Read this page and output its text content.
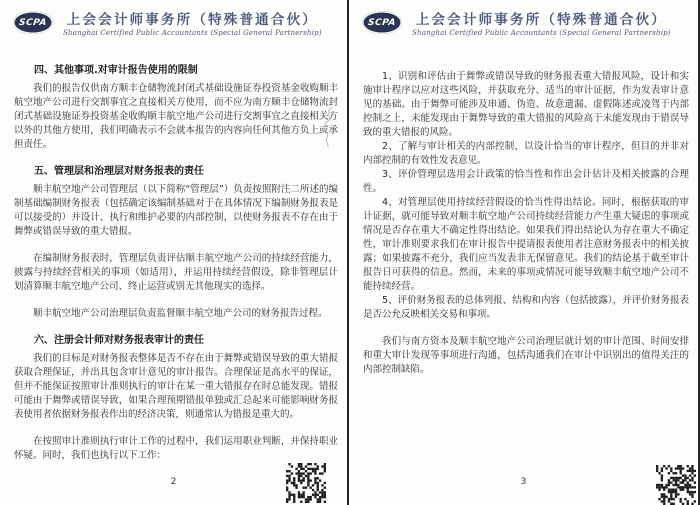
SCPA 上会会计师事务所（特殊普通合伙）
Shanghai Certified Public Accountants (Special General Partnership)

四、其他事项.对审计报告使用的限制

我们的报告仅供南方顺丰仓储物流封闭式基础设施证券投资基金收购顺丰航空地产公司进行交割事宜之直接相关方使用，而不应为南方顺丰仓储物流封闭式基础设施证券投资基金收购顺丰航空地产公司进行交割事宜之直接相关方以外的其他方使用，我们明确表示不会就本报告的内容向任何其他方负上或承担责任。

五、管理层和治理层对财务报表的责任

顺丰航空地产公司管理层（以下简称“管理层”）负责按照附注二所述的编制基础编制财务报表（包括确定该编制基础对于在具体情况下编制财务报表是可以接受的）并设计、执行和维护必要的内部控制，以使财务报表不存在由于舞弊或错误导致的重大错报。

在编制财务报表时，管理层负责评估顺丰航空地产公司的持续经营能力，披露与持续经营相关的事项（如适用），并运用持续经营假设，除非管理层计划清算顺丰航空地产公司、终止运营或别无其他现实的选择。

顺丰航空地产公司治理层负责监督顺丰航空地产公司的财务报告过程。

六、注册会计师对财务报表审计的责任

我们的目标是对财务报表整体是否不存在由于舞弊或错误导致的重大错报获取合理保证，并出具包含审计意见的审计报告。合理保证是高水平的保证，但并不能保证按照审计准则执行的审计在某一重大错报存在时总能发现。错报可能由于舞弊或错误导致，如果合理预期错报单独或汇总起来可能影响财务报表使用者依据财务报表作出的经济决策，则通常认为错报是重大的。

在按照审计准则执行审计工作的过程中，我们运用职业判断，并保持职业怀疑。同时，我们也执行以下工作：

2
SCPA 上会会计师事务所（特殊普通合伙）
Shanghai Certified Public Accountants (Special General Partnership)

1、识别和评估由于舞弊或错误导致的财务报表重大错报风险，设计和实施审计程序以应对这些风险，并获取充分、适当的审计证据，作为发表审计意见的基础。由于舞弊可能涉及串通、伪造、故意遗漏、虚假陈述或凌驾于内部控制之上，未能发现由于舞弊导致的重大错报的风险高于未能发现由于错误导致的重大错报的风险。

2、了解与审计相关的内部控制，以设计恰当的审计程序，但目的并非对内部控制的有效性发表意见。

3、评价管理层选用会计政策的恰当性和作出会计估计及相关披露的合理性。

4、对管理层使用持续经营假设的恰当性得出结论。同时，根据获取的审计证据，就可能导致对顺丰航空地产公司持续经营能力产生重大疑虑的事项或情况是否存在重大不确定性得出结论。如果我们得出结论认为存在重大不确定性，审计准则要求我们在审计报告中提请报表使用者注意财务报表中的相关披露；如果披露不充分，我们应当发表非无保留意见。我们的结论基于截至审计报告日可获得的信息。然而，未来的事项或情况可能导致顺丰航空地产公司不能持续经营。

5、评价财务报表的总体列报、结构和内容（包括披露），并评价财务报表是否公允反映相关交易和事项。

我们与南方资本及顺丰航空地产公司治理层就计划的审计范围、时间安排和重大审计发现等事项进行沟通，包括沟通我们在审计中识别出的值得关注的内部控制缺陷。

3
